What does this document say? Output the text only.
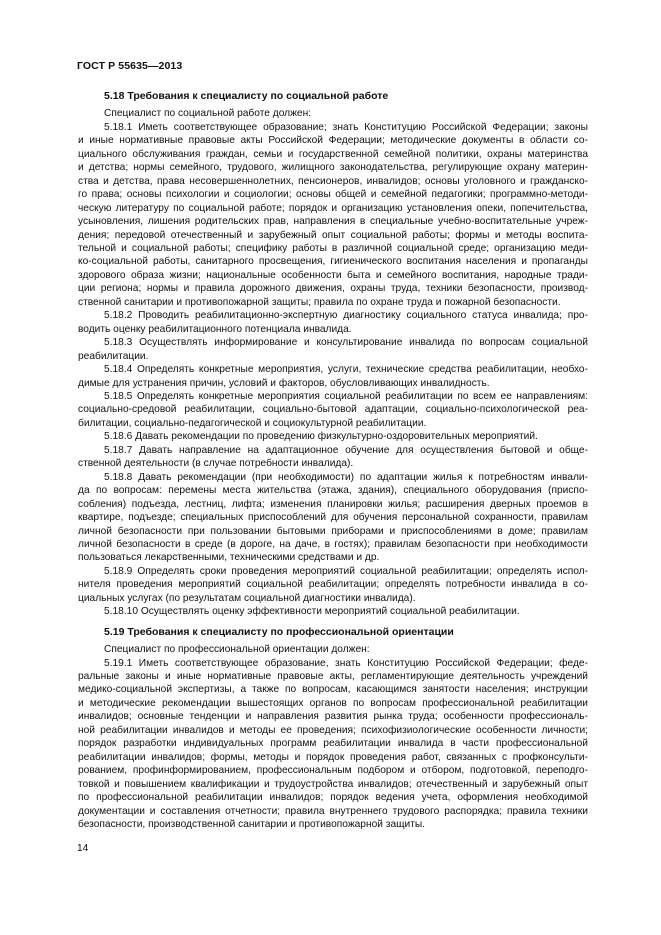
ГОСТ Р 55635—2013
5.18 Требования к специалисту по социальной работе
Специалист по социальной работе должен:
5.18.1 Иметь соответствующее образование; знать Конституцию Российской Федерации; законы
и иные нормативные правовые акты Российской Федерации; методические документы в области со-
циального обслуживания граждан, семьи и государственной семейной политики, охраны материнства
и детства; нормы семейного, трудового, жилищного законодательства, регулирующие охрану материн-
ства и детства, права несовершеннолетних, пенсионеров, инвалидов; основы уголовного и гражданско-
го права; основы психологии и социологии; основы общей и семейной педагогики; программно-методи-
ческую литературу по социальной работе; порядок и организацию установления опеки, попечительства,
усыновления, лишения родительских прав, направления в специальные учебно-воспитательные учреж-
дения; передовой отечественный и зарубежный опыт социальной работы; формы и методы воспита-
тельной и социальной работы; специфику работы в различной социальной среде; организацию меди-
ко-социальной работы, санитарного просвещения, гигиенического воспитания населения и пропаганды
здорового образа жизни; национальные особенности быта и семейного воспитания, народные тради-
ции региона; нормы и правила дорожного движения, охраны труда, техники безопасности, производ-
ственной санитарии и противопожарной защиты; правила по охране труда и пожарной безопасности.
5.18.2 Проводить реабилитационно-экспертную диагностику социального статуса инвалида; про-
водить оценку реабилитационного потенциала инвалида.
5.18.3 Осуществлять информирование и консультирование инвалида по вопросам социальной
реабилитации.
5.18.4 Определять конкретные мероприятия, услуги, технические средства реабилитации, необхо-
димые для устранения причин, условий и факторов, обусловливающих инвалидность.
5.18.5 Определять конкретные мероприятия социальной реабилитации по всем ее направлениям:
социально-средовой реабилитации, социально-бытовой адаптации, социально-психологической реа-
билитации, социально-педагогической и социокультурной реабилитации.
5.18.6 Давать рекомендации по проведению физкультурно-оздоровительных мероприятий.
5.18.7 Давать направление на адаптационное обучение для осуществления бытовой и обще-
ственной деятельности (в случае потребности инвалида).
5.18.8 Давать рекомендации (при необходимости) по адаптации жилья к потребностям инвали-
да по вопросам: перемены места жительства (этажа, здания), специального оборудования (приспо-
собления) подъезда, лестниц, лифта; изменения планировки жилья; расширения дверных проемов в
квартире, подъезде; специальных приспособлений для обучения персональной сохранности, правилам
личной безопасности при пользовании бытовыми приборами и приспособлениями в доме; правилам
личной безопасности в среде (в дороге, на даче, в гостях); правилам безопасности при необходимости
пользоваться лекарственными, техническими средствами и др.
5.18.9 Определять сроки проведения мероприятий социальной реабилитации; определять испол-
нителя проведения мероприятий социальной реабилитации; определять потребности инвалида в со-
циальных услугах (по результатам социальной диагностики инвалида).
5.18.10 Осуществлять оценку эффективности мероприятий социальной реабилитации.
5.19 Требования к специалисту по профессиональной ориентации
Специалист по профессиональной ориентации должен:
5.19.1 Иметь соответствующее образование, знать Конституцию Российской Федерации; феде-
ральные законы и иные нормативные правовые акты, регламентирующие деятельность учреждений
медико-социальной экспертизы, а также по вопросам, касающимся занятости населения; инструкции
и методические рекомендации вышестоящих органов по вопросам профессиональной реабилитации
инвалидов; основные тенденции и направления развития рынка труда; особенности профессиональ-
ной реабилитации инвалидов и методы ее проведения; психофизиологические особенности личности;
порядок разработки индивидуальных программ реабилитации инвалида в части профессиональной
реабилитации инвалидов; формы, методы и порядок проведения работ, связанных с профконсульти-
рованием, профинформированием, профессиональным подбором и отбором, подготовкой, переподго-
товкой и повышением квалификации и трудоустройства инвалидов; отечественный и зарубежный опыт
по профессиональной реабилитации инвалидов; порядок ведения учета, оформления необходимой
документации и составления отчетности; правила внутреннего трудового распорядка; правила техники
безопасности, производственной санитарии и противопожарной защиты.
14
